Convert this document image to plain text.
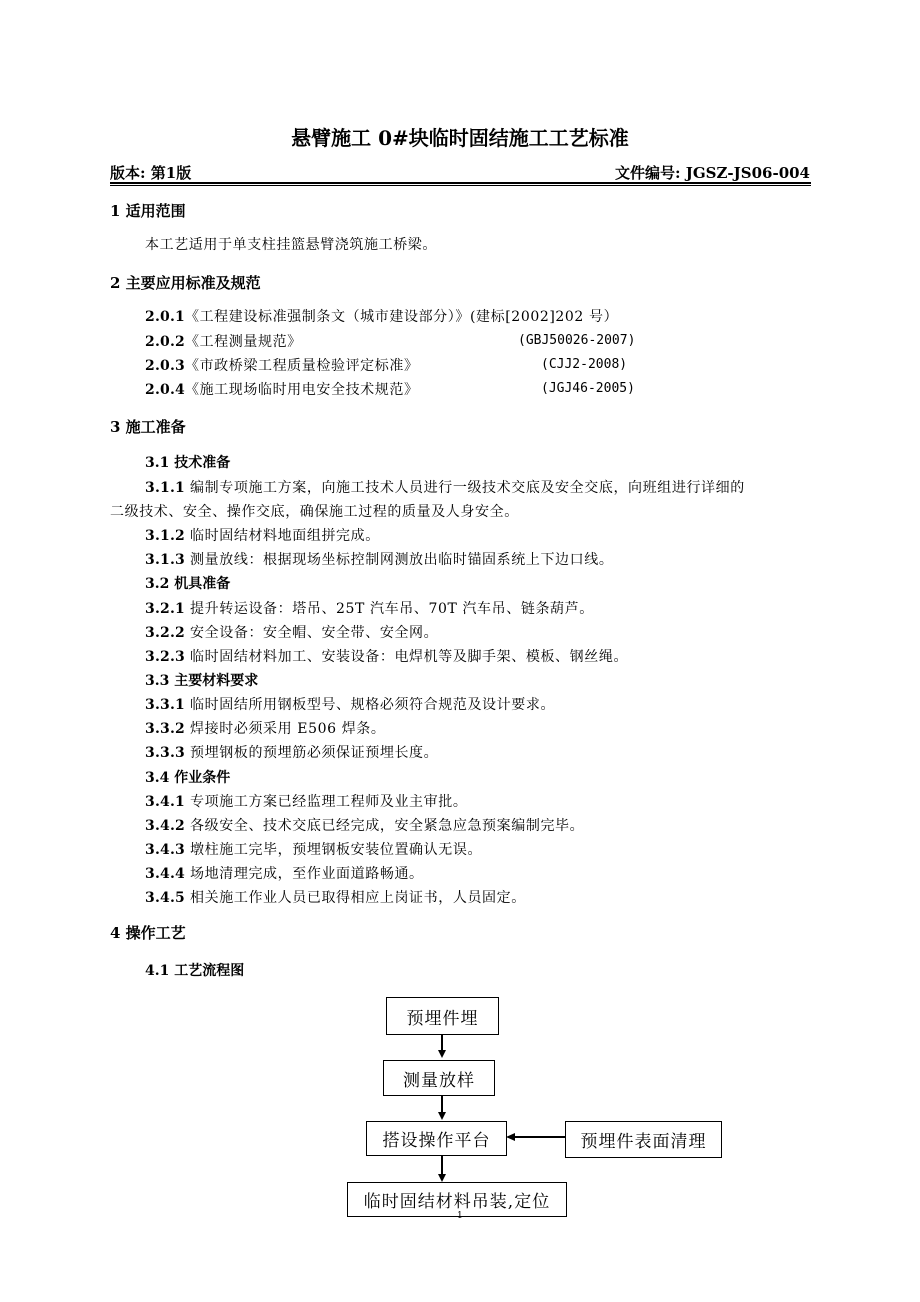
悬臂施工 0#块临时固结施工工艺标准
版本: 第1版	文件编号: JGSZ-JS06-004
1 适用范围
本工艺适用于单支柱挂篮悬臂浇筑施工桥梁。
2 主要应用标准及规范
2.0.1《工程建设标准强制条文（城市建设部分）》(建标[2002]202 号）
2.0.2《工程测量规范》	(GBJ50026-2007)
2.0.3《市政桥梁工程质量检验评定标准》	(CJJ2-2008)
2.0.4《施工现场临时用电安全技术规范》	(JGJ46-2005)
3 施工准备
3.1 技术准备
3.1.1 编制专项施工方案，向施工技术人员进行一级技术交底及安全交底，向班组进行详细的
二级技术、安全、操作交底，确保施工过程的质量及人身安全。
3.1.2 临时固结材料地面组拼完成。
3.1.3 测量放线：根据现场坐标控制网测放出临时锚固系统上下边口线。
3.2 机具准备
3.2.1 提升转运设备：塔吊、25T 汽车吊、70T 汽车吊、链条葫芦。
3.2.2 安全设备：安全帽、安全带、安全网。
3.2.3 临时固结材料加工、安装设备：电焊机等及脚手架、模板、钢丝绳。
3.3 主要材料要求
3.3.1 临时固结所用钢板型号、规格必须符合规范及设计要求。
3.3.2 焊接时必须采用 E506 焊条。
3.3.3 预埋钢板的预埋筋必须保证预埋长度。
3.4 作业条件
3.4.1 专项施工方案已经监理工程师及业主审批。
3.4.2 各级安全、技术交底已经完成，安全紧急应急预案编制完毕。
3.4.3 墩柱施工完毕，预埋钢板安装位置确认无误。
3.4.4 场地清理完成，至作业面道路畅通。
3.4.5 相关施工作业人员已取得相应上岗证书，人员固定。
4 操作工艺
4.1 工艺流程图
预埋件埋
测量放样
搭设操作平台	预埋件表面清理
临时固结材料吊装,定位
1
